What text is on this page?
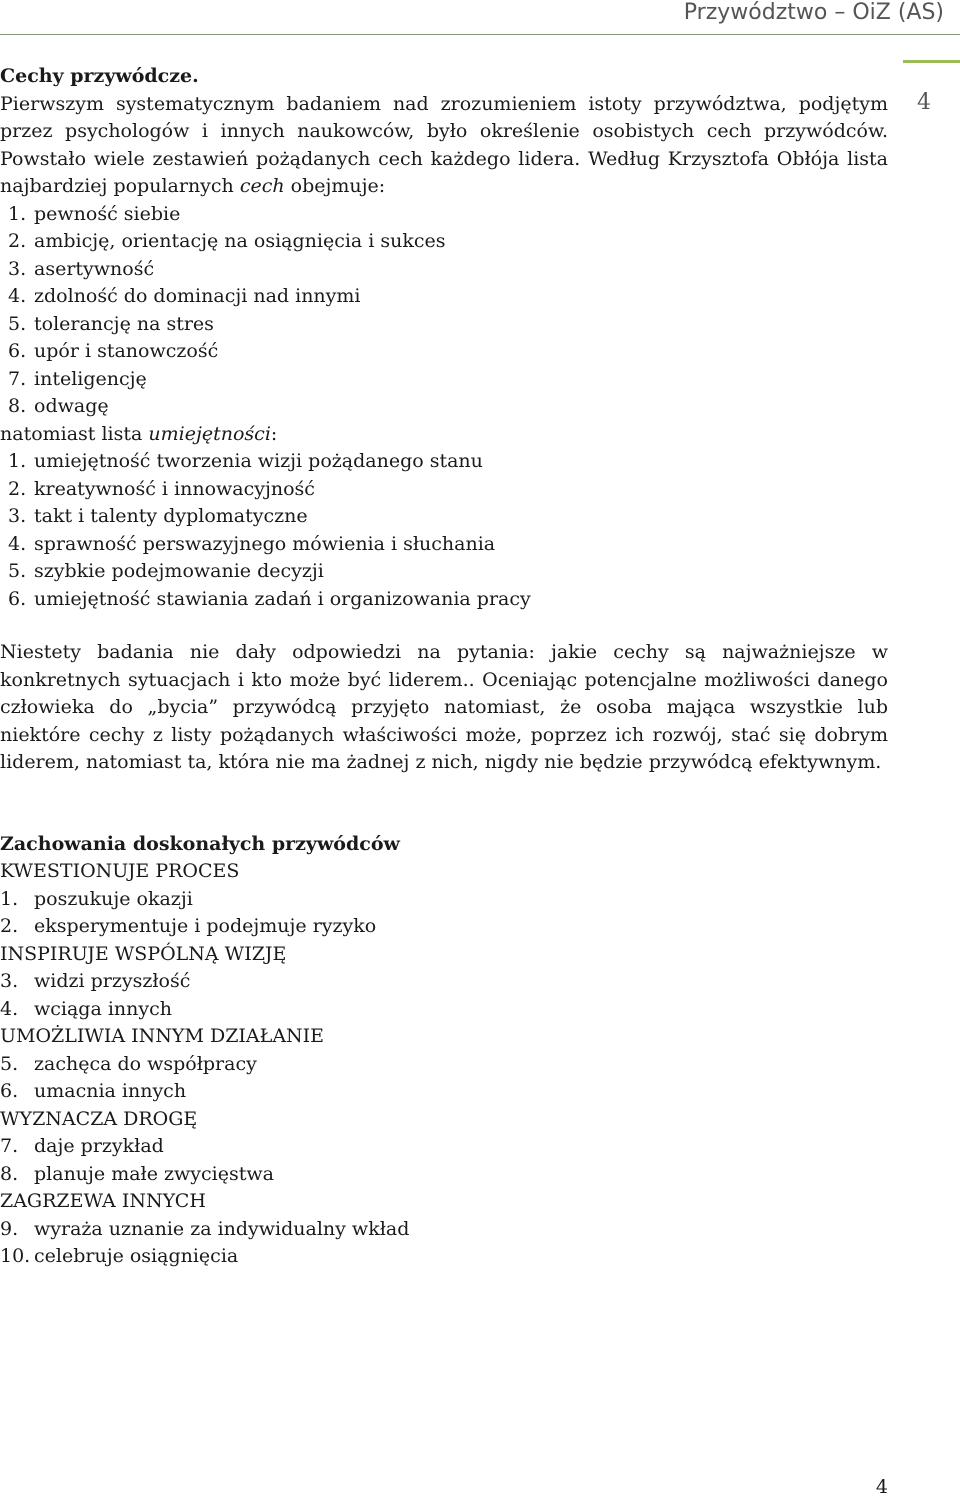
Przywództwo – OiZ (AS)
4
Cechy przywódcze.
Pierwszym systematycznym badaniem nad zrozumieniem istoty przywództwa, podjętym przez psychologów i innych naukowców, było określenie osobistych cech przywódców. Powstało wiele zestawień pożądanych cech każdego lidera. Według Krzysztofa Obłója lista najbardziej popularnych cech obejmuje:
1. pewność siebie
2. ambicję, orientację na osiągnięcia i sukces
3. asertywność
4. zdolność do dominacji nad innymi
5. tolerancję na stres
6. upór i stanowczość
7. inteligencję
8. odwagę
natomiast lista umiejętności:
1. umiejętność tworzenia wizji pożądanego stanu
2. kreatywność i innowacyjność
3. takt i talenty dyplomatyczne
4. sprawność perswazyjnego mówienia i słuchania
5. szybkie podejmowanie decyzji
6. umiejętność stawiania zadań i organizowania pracy
Niestety badania nie dały odpowiedzi na pytania: jakie cechy są najważniejsze w konkretnych sytuacjach i kto może być liderem.. Oceniając potencjalne możliwości danego człowieka do „bycia” przywódcą przyjęto natomiast, że osoba mająca wszystkie lub niektóre cechy z listy pożądanych właściwości może, poprzez ich rozwój, stać się dobrym liderem, natomiast ta, która nie ma żadnej z nich, nigdy nie będzie przywódcą efektywnym.
Zachowania doskonałych przywódców
KWESTIONUJE PROCES
1. poszukuje okazji
2. eksperymentuje i podejmuje ryzyko
INSPIRUJE WSPÓLNĄ WIZJĘ
3. widzi przyszłość
4. wciąga innych
UMOŻLIWIA INNYM DZIAŁANIE
5. zachęca do współpracy
6. umacnia innych
WYZNACZA DROGĘ
7. daje przykład
8. planuje małe zwycięstwa
ZAGRZEWA INNYCH
9. wyraża uznanie za indywidualny wkład
10. celebruje osiągnięcia
4
